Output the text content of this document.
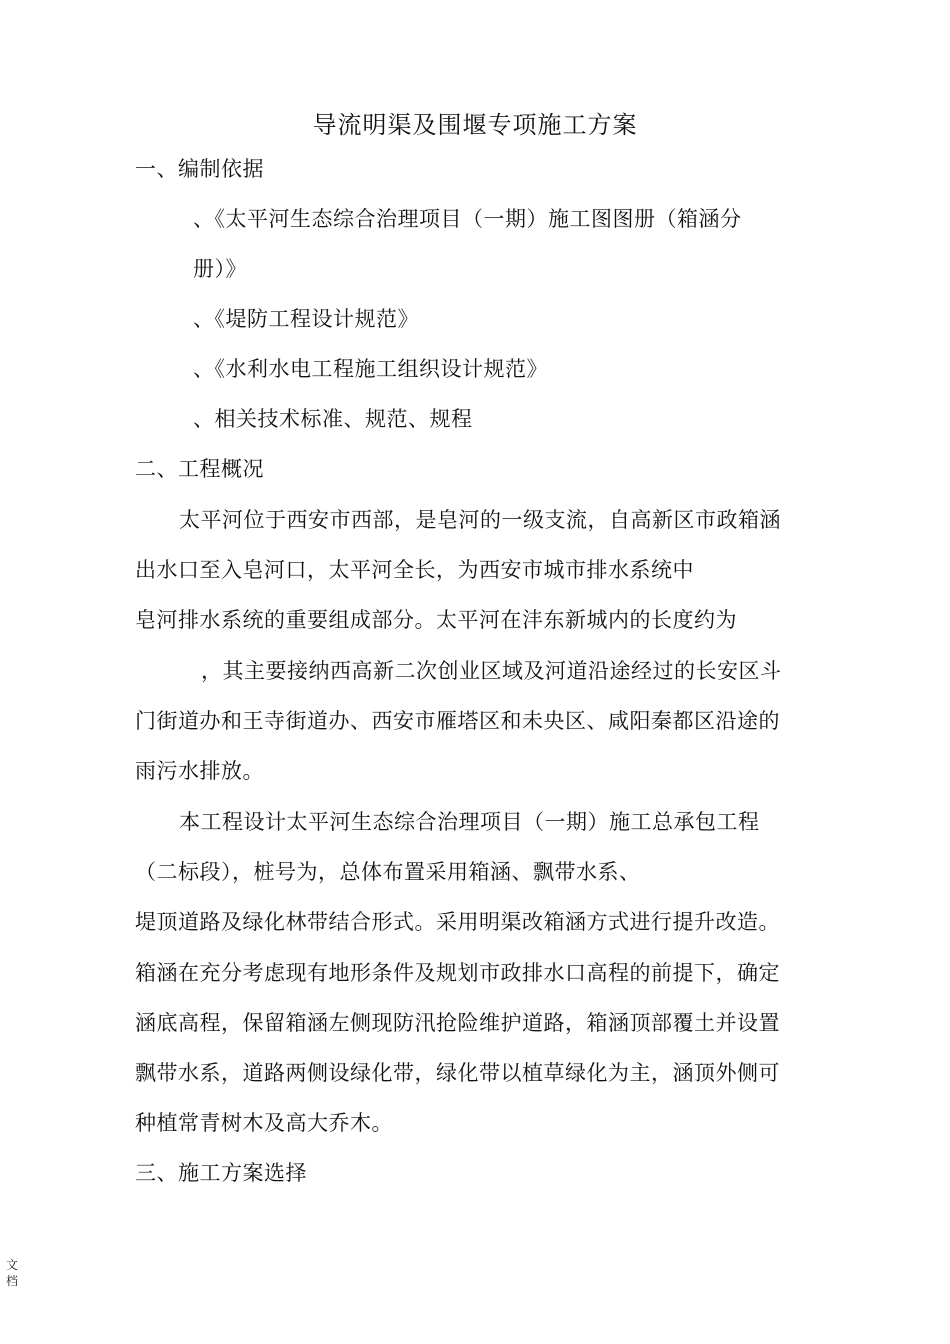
导流明渠及围堰专项施工方案
一、编制依据
、《太平河生态综合治理项目（一期）施工图图册（箱涵分
册）》
、《堤防工程设计规范》
、《水利水电工程施工组织设计规范》
、相关技术标准、规范、规程
二、工程概况
太平河位于西安市西部，是皂河的一级支流，自高新区市政箱涵
出水口至入皂河口，太平河全长，为西安市城市排水系统中
皂河排水系统的重要组成部分。太平河在沣东新城内的长度约为
，其主要接纳西高新二次创业区域及河道沿途经过的长安区斗
门街道办和王寺街道办、西安市雁塔区和未央区、咸阳秦都区沿途的
雨污水排放。
本工程设计太平河生态综合治理项目（一期）施工总承包工程
（二标段），桩号为，总体布置采用箱涵、飘带水系、
堤顶道路及绿化林带结合形式。采用明渠改箱涵方式进行提升改造。
箱涵在充分考虑现有地形条件及规划市政排水口高程的前提下，确定
涵底高程，保留箱涵左侧现防汛抢险维护道路，箱涵顶部覆土并设置
飘带水系，道路两侧设绿化带，绿化带以植草绿化为主，涵顶外侧可
种植常青树木及高大乔木。
三、施工方案选择
文
档
